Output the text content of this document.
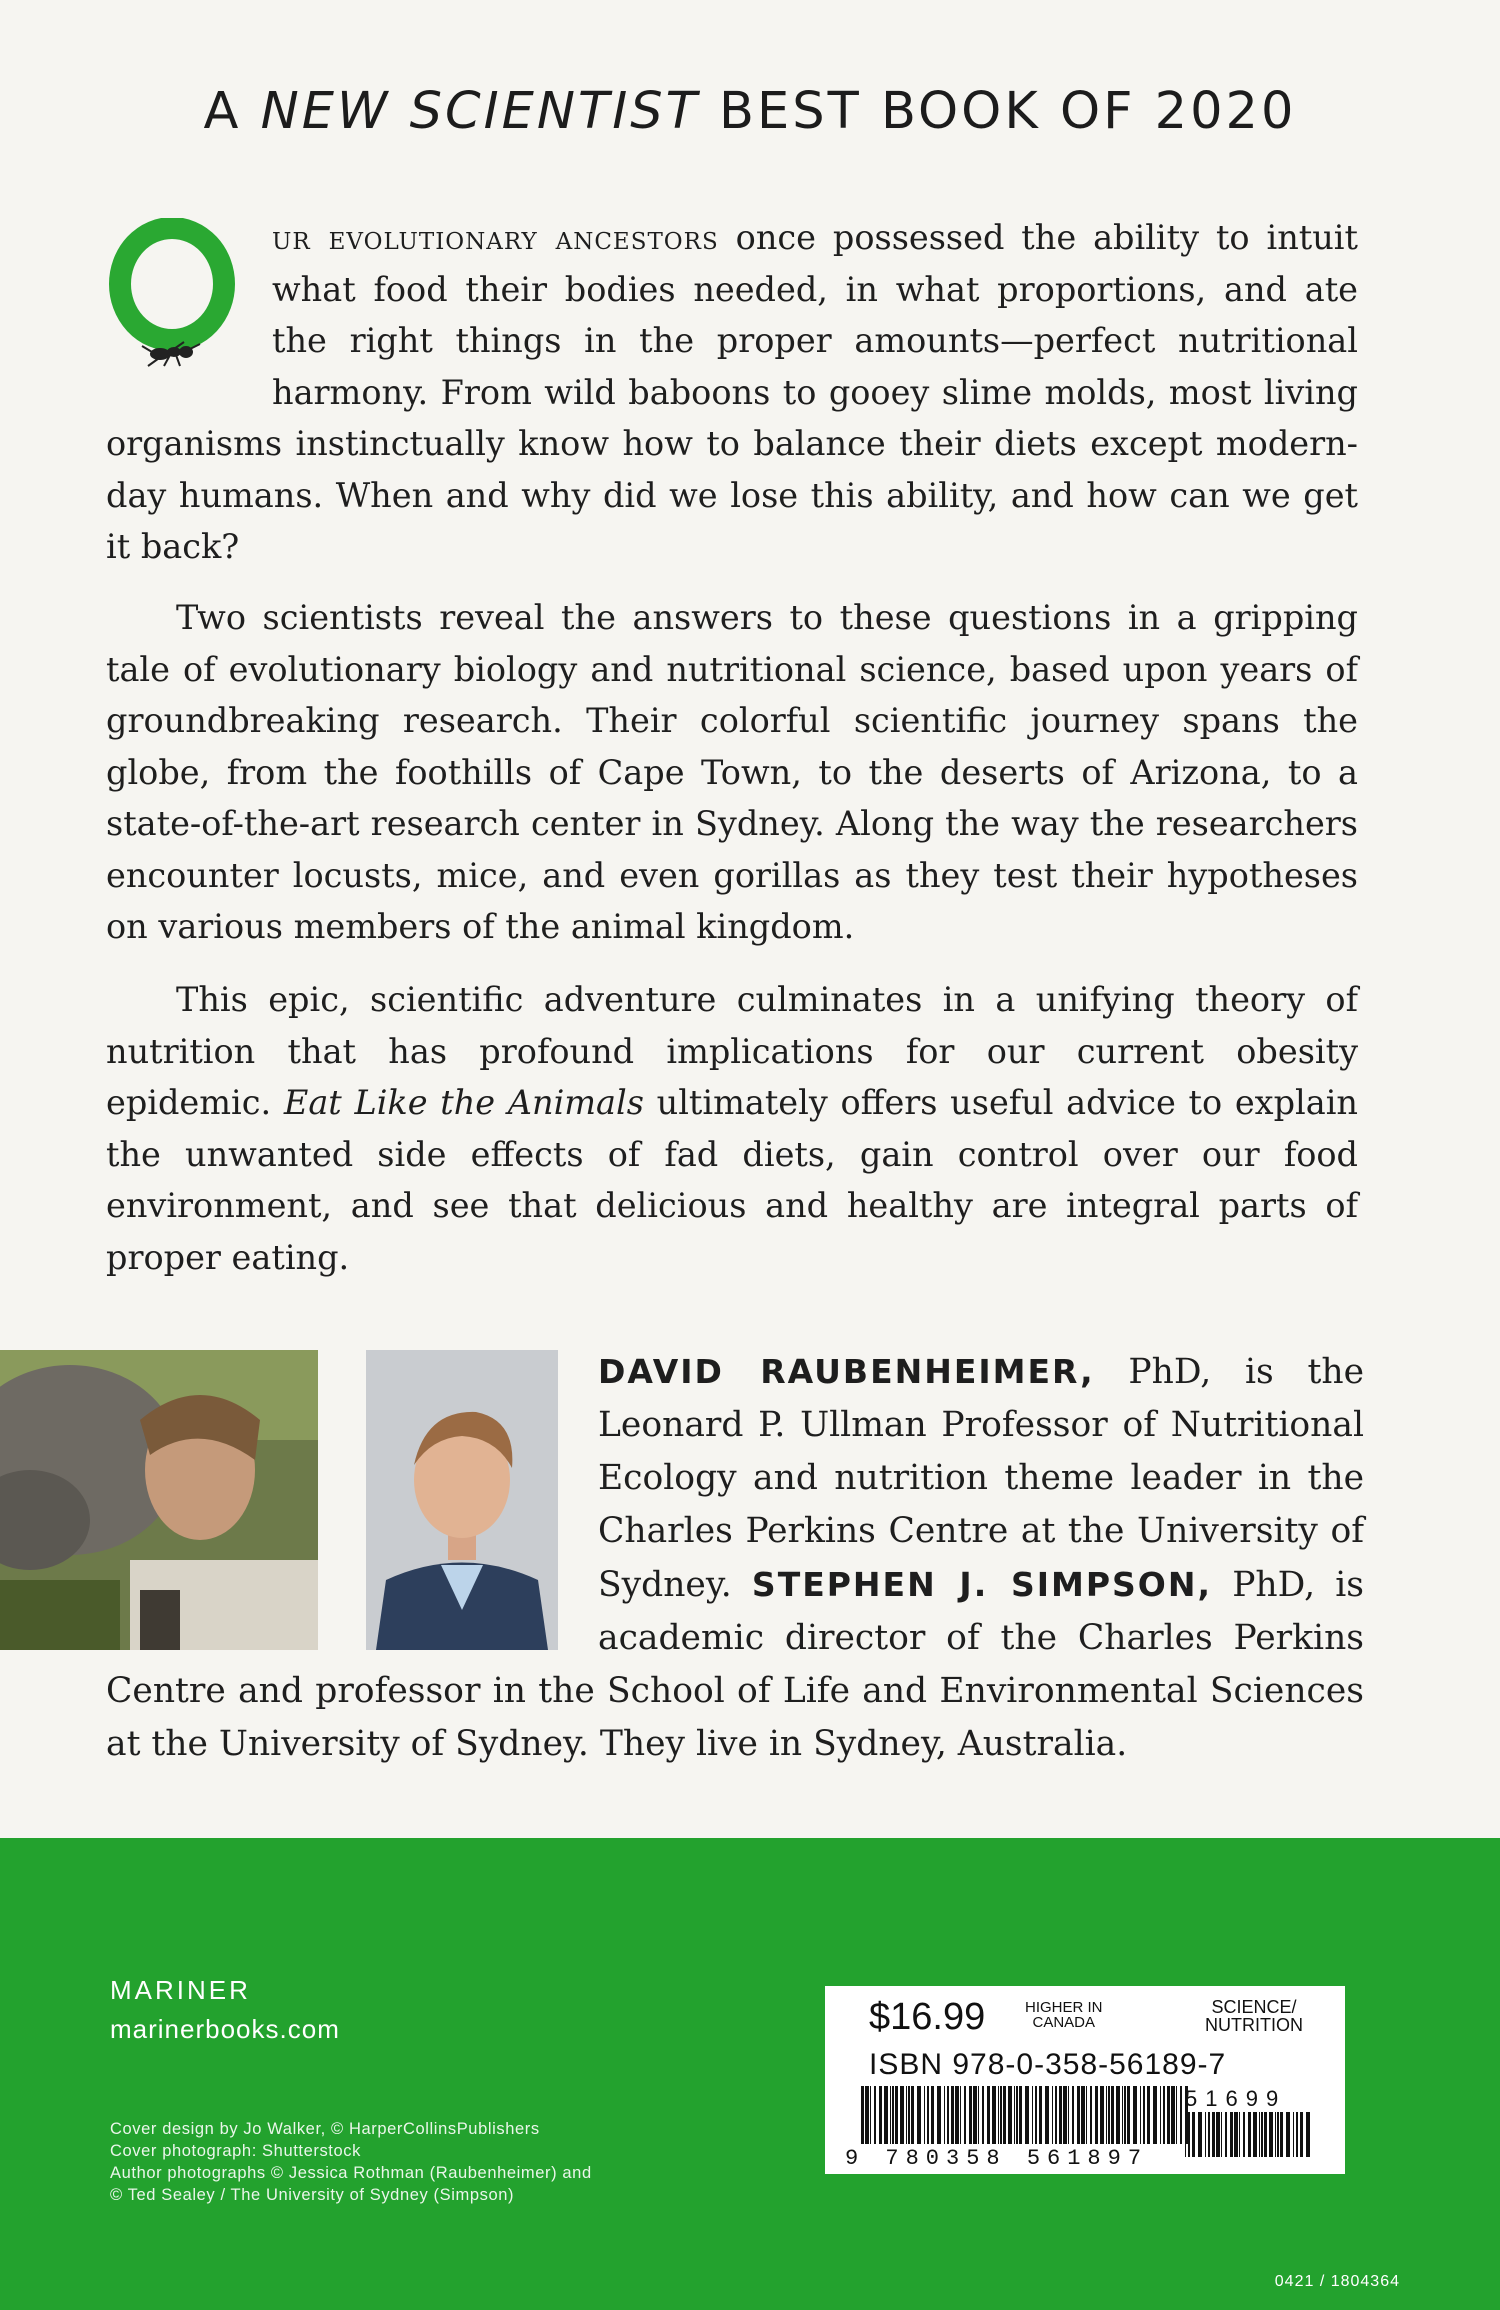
A NEW SCIENTIST BEST BOOK OF 2020
O	ur evolutionary ancestors once possessed the ability to intuit what food their bodies needed, in what proportions, and ate the right things in the proper amounts—perfect nutritional harmony. From wild baboons to gooey slime molds, most living organisms instinctually know how to balance their diets except modern-day humans. When and why did we lose this ability, and how can we get it back?
Two scientists reveal the answers to these questions in a gripping tale of evolutionary biology and nutritional science, based upon years of groundbreaking research. Their colorful scientific journey spans the globe, from the foothills of Cape Town, to the deserts of Arizona, to a state-of-the-art research center in Sydney. Along the way the researchers encounter locusts, mice, and even gorillas as they test their hypotheses on various members of the animal kingdom.
This epic, scientific adventure culminates in a unifying theory of nutrition that has profound implications for our current obesity epidemic. Eat Like the Animals ultimately offers useful advice to explain the unwanted side effects of fad diets, gain control over our food environment, and see that delicious and healthy are integral parts of proper eating.
DAVID RAUBENHEIMER, PhD, is the Leonard P. Ullman Professor of Nutritional Ecology and nutrition theme leader in the Charles Perkins Centre at the University of Sydney. STEPHEN J. SIMPSON, PhD, is academic director of the Charles Perkins Centre and professor in the School of Life and Environmental Sciences at the University of Sydney. They live in Sydney, Australia.
MARINER
marinerbooks.com
Cover design by Jo Walker, © HarperCollinsPublishers
Cover photograph: Shutterstock
Author photographs © Jessica Rothman (Raubenheimer) and
© Ted Sealey / The University of Sydney (Simpson)
$16.99	HIGHER IN
CANADA
SCIENCE/
NUTRITION
ISBN 978-0-358-56189-7
51699
9 780358 561897
0421 / 1804364
